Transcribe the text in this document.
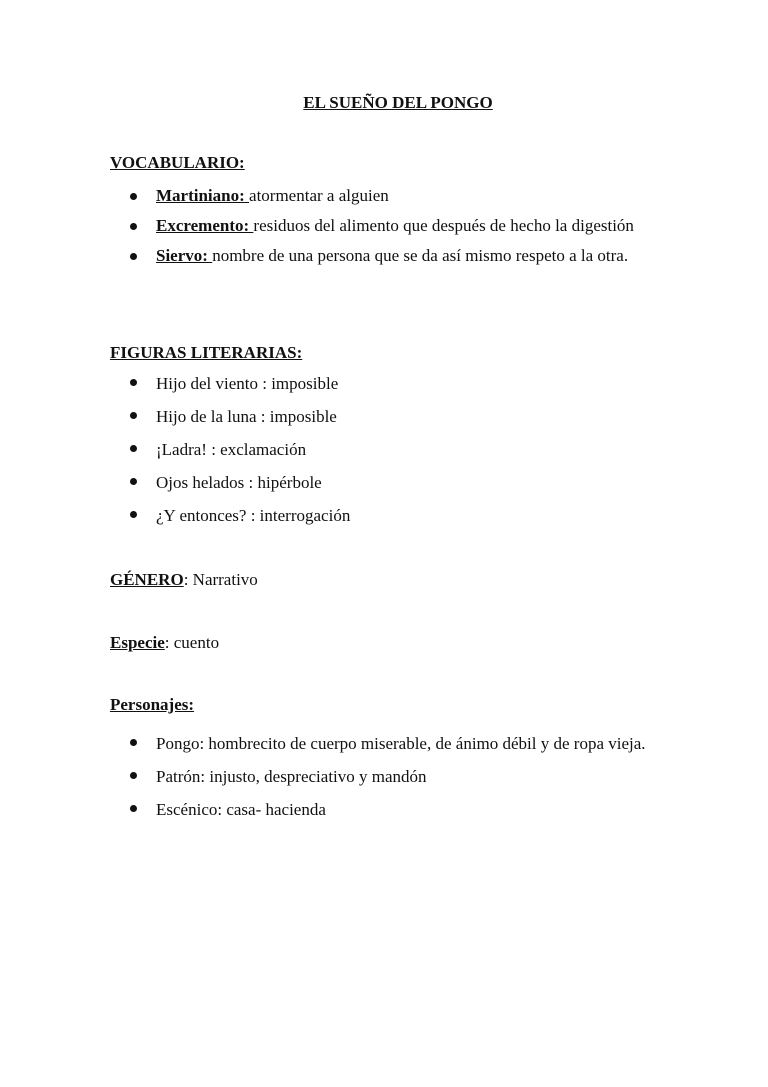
EL SUEÑO DEL PONGO
VOCABULARIO:
Martiniano: atormentar a alguien
Excremento: residuos del alimento que después de hecho la digestión
Siervo: nombre de una persona que se da así mismo respeto a la otra.
FIGURAS LITERARIAS:
Hijo del viento : imposible
Hijo de la luna : imposible
¡Ladra! : exclamación
Ojos helados : hipérbole
¿Y entonces? : interrogación
GÉNERO: Narrativo
Especie: cuento
Personajes:
Pongo: hombrecito de cuerpo miserable, de ánimo débil y de ropa vieja.
Patrón: injusto, despreciativo y mandón
Escénico: casa- hacienda
